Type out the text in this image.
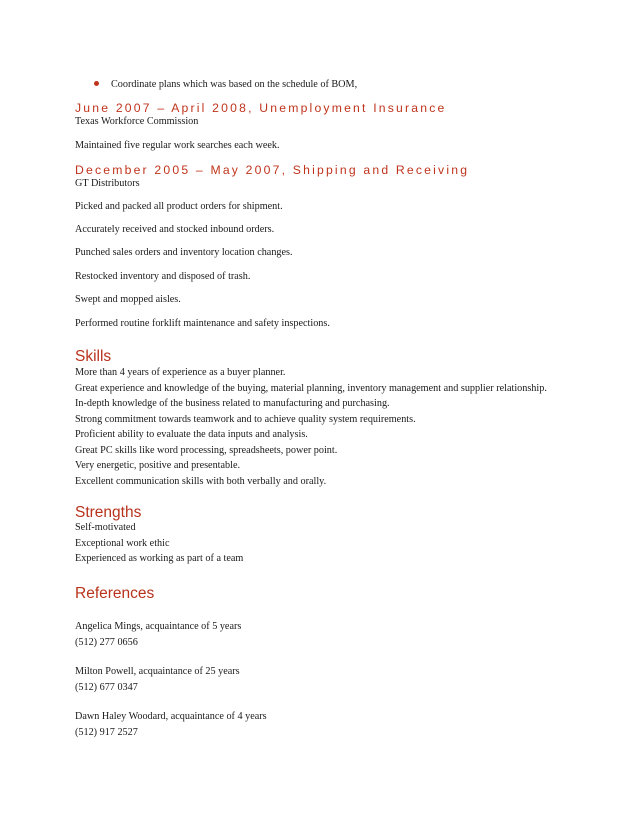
Coordinate plans which was based on the schedule of BOM,
June 2007 – April 2008, Unemployment Insurance
Texas Workforce Commission
Maintained five regular work searches each week.
December 2005 – May 2007, Shipping and Receiving
GT Distributors
Picked and packed all product orders for shipment.
Accurately received and stocked inbound orders.
Punched sales orders and inventory location changes.
Restocked inventory and disposed of trash.
Swept and mopped aisles.
Performed routine forklift maintenance and safety inspections.
Skills
More than 4 years of experience as a buyer planner.
Great experience and knowledge of the buying, material planning, inventory management and supplier relationship.
In-depth knowledge of the business related to manufacturing and purchasing.
Strong commitment towards teamwork and to achieve quality system requirements.
Proficient ability to evaluate the data inputs and analysis.
Great PC skills like word processing, spreadsheets, power point.
Very energetic, positive and presentable.
Excellent communication skills with both verbally and orally.
Strengths
Self-motivated
Exceptional work ethic
Experienced as working as part of a team
References
Angelica Mings, acquaintance of 5 years
(512) 277 0656
Milton Powell, acquaintance of 25 years
(512) 677 0347
Dawn Haley Woodard, acquaintance of 4 years
(512) 917 2527
